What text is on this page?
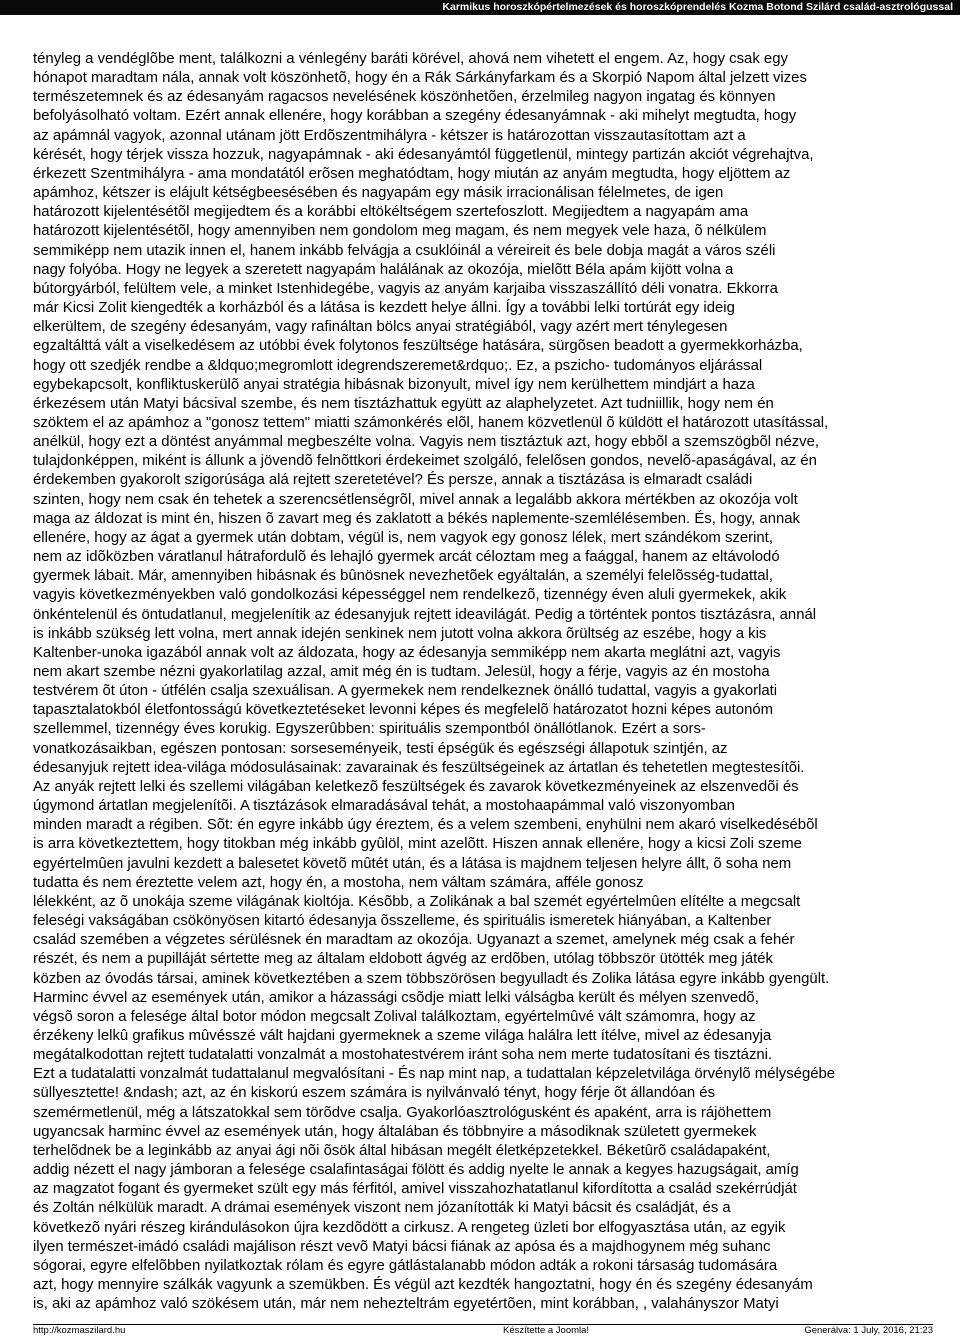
Karmikus horoszkópértelmezések és horoszkóprendelés Kozma Botond Szilárd család-asztrológussal
tényleg a vendéglõbe ment, találkozni a vénlegény baráti körével, ahová nem vihetett el engem. Az, hogy csak egy
hónapot maradtam nála, annak volt köszönhetõ, hogy én a Rák Sárkányfarkam és a Skorpió Napom által jelzett vizes
természetemnek és az édesanyám ragacsos nevelésének köszönhetõen, érzelmileg nagyon ingatag és könnyen
befolyásolható voltam. Ezért annak ellenére, hogy korábban a szegény édesanyámnak - aki mihelyt megtudta, hogy
az apámnál vagyok, azonnal utánam jött Erdõszentmihályra - kétszer is határozottan visszautasítottam azt a
kérését, hogy térjek vissza hozzuk, nagyapámnak - aki édesanyámtól függetlenül, mintegy partizán akciót végrehajtva,
érkezett Szentmihályra - ama mondatától erõsen meghatódtam, hogy miután az anyám megtudta, hogy eljöttem az
apámhoz, kétszer is elájult kétségbeesésében és nagyapám egy másik irracionálisan félelmetes, de igen
határozott kijelentésétõl megijedtem és a korábbi eltökéltségem szertefoszlott. Megijedtem a nagyapám ama
határozott kijelentésétõl, hogy amennyiben nem gondolom meg magam, és nem megyek vele haza, õ nélkülem
semmiképp nem utazik innen el, hanem inkább felvágja a csuklóinál a véreireit és bele dobja magát a város széli
nagy folyóba. Hogy ne legyek a szeretett nagyapám halálának az okozója, mielõtt Béla apám kijött volna a
bútorgyárból, felültem vele, a minket Istenhidegébe, vagyis az anyám karjaiba visszaszállító déli vonatra. Ekkorra
már Kicsi Zolit kiengedték a korházból és a látása is kezdett helye állni. Így a további lelki tortúrát egy ideig
elkerültem, de szegény édesanyám, vagy rafináltan bölcs anyai stratégiából, vagy azért mert ténylegesen
egzaltálttá vált a viselkedésem az utóbbi évek folytonos feszültsége hatására, sürgõsen beadott a gyermekkorházba,
hogy ott szedjék rendbe a &ldquo;megromlott idegrendszeremet&rdquo;. Ez, a pszicho- tudományos eljárással
egybekapcsolt, konfliktuskerülõ anyai stratégia hibásnak bizonyult, mivel így nem kerülhettem mindjárt a haza
érkezésem után Matyi bácsival szembe, és nem tisztázhattuk együtt az alaphelyzetet. Azt tudniillik, hogy nem én
szöktem el az apámhoz a "gonosz tettem" miatti számonkérés elõl, hanem közvetlenül õ küldött el határozott utasítással,
anélkül, hogy ezt a döntést anyámmal megbeszélte volna. Vagyis nem tisztáztuk azt, hogy ebbõl a szemszögbõl nézve,
tulajdonképpen, miként is állunk a jövendõ felnõttkori érdekeimet szolgáló, felelõsen gondos, nevelõ-apaságával, az én
érdekemben gyakorolt szigorúsága alá rejtett szeretetével? És persze, annak a tisztázása is elmaradt családi
szinten, hogy nem csak én tehetek a szerencsétlenségrõl, mivel annak a legalább akkora mértékben az okozója volt
maga az áldozat is mint én, hiszen õ zavart meg és zaklatott a békés naplemente-szemlélésemben. És, hogy, annak
ellenére, hogy az ágat a gyermek után dobtam, végül is, nem vagyok egy gonosz lélek, mert szándékom szerint,
nem az idõközben váratlanul hátrafordulõ és lehajló gyermek arcát céloztam meg a faággal, hanem az eltávolodó
gyermek lábait. Már, amennyiben hibásnak és bûnösnek nevezhetõek egyáltalán, a személyi felelõsség-tudattal,
vagyis következményekben való gondolkozási képességgel nem rendelkezõ, tizennégy éven aluli gyermekek, akik
önkéntelenül és öntudatlanul, megjelenítik az édesanyjuk rejtett ideavilágát. Pedig a történtek pontos tisztázásra, annál
is inkább szükség lett volna, mert annak idején senkinek nem jutott volna akkora õrültség az eszébe, hogy a kis
Kaltenber-unoka igazából annak volt az áldozata, hogy az édesanyja semmiképp nem akarta meglátni azt, vagyis
nem akart szembe nézni gyakorlatilag azzal, amit még én is tudtam. Jelesül, hogy a férje, vagyis az én mostoha
testvérem õt úton - útfélén csalja szexuálisan. A gyermekek nem rendelkeznek önálló tudattal, vagyis a gyakorlati
tapasztalatokból életfontosságú következtetéseket levonni képes és megfelelõ határozatot hozni képes autonóm
szellemmel, tizennégy éves korukig. Egyszerûbben: spirituális szempontból önállótlanok. Ezért a sors-
vonatkozásaikban, egészen pontosan: sorseseményeik, testi épségük és egészségi állapotuk szintjén, az
édesanyjuk rejtett idea-világa módosulásainak: zavarainak és feszültségeinek az ártatlan és tehetetlen megtestesítõi.
Az anyák rejtett lelki és szellemi világában keletkezõ feszültségek és zavarok következményeinek az elszenvedõi és
úgymond ártatlan megjelenítõi. A tisztázások elmaradásával tehát, a mostohaapámmal való viszonyomban
minden maradt a régiben. Sõt: én egyre inkább úgy éreztem, és a velem szembeni, enyhülni nem akaró viselkedésébõl
is arra következtettem, hogy titokban még inkább gyûlöl, mint azelõtt. Hiszen annak ellenére, hogy a kicsi Zoli szeme
egyértelmûen javulni kezdett a balesetet követõ mûtét után, és a látása is majdnem teljesen helyre állt, õ soha nem
tudatta és nem éreztette velem azt, hogy én, a mostoha, nem váltam számára, afféle gonosz
lélekként, az õ unokája szeme világának kioltója. Késõbb, a Zolikának a bal szemét egyértelmûen elítélte a megcsalt
feleségi vakságában csökönyösen kitartó édesanyja õsszelleme, és spirituális ismeretek hiányában, a Kaltenber
család szemében a végzetes sérülésnek én maradtam az okozója. Ugyanazt a szemet, amelynek még csak a fehér
részét, és nem a pupilláját sértette meg az általam eldobott ágvég az erdõben, utólag többször ütötték meg játék
közben az óvodás társai, aminek következtében a szem többszörösen begyulladt és Zolika látása egyre inkább gyengült.
Harminc évvel az események után, amikor a házassági csõdje miatt lelki válságba került és mélyen szenvedõ,
végsõ soron a felesége által botor módon megcsalt Zolival találkoztam, egyértelmûvé vált számomra, hogy az
érzékeny lelkû grafikus mûvésszé vált hajdani gyermeknek a szeme világa halálra lett ítélve, mivel az édesanyja
megátalkodottan rejtett tudatalatti vonzalmát a mostohatestvérem iránt soha nem merte tudatosítani és tisztázni.
Ezt a tudatalatti vonzalmát tudattalanul megvalósítani - És nap mint nap, a tudattalan képzeletvilága örvénylõ mélységébe
süllyesztette! &ndash; azt, az én kiskorú eszem számára is nyilvánvaló tényt, hogy férje õt állandóan és
szemérmetlenül, még a látszatokkal sem törõdve csalja. Gyakorlóasztrológusként és apaként, arra is rájöhettem
ugyancsak harminc évvel az események után, hogy általában és többnyire a másodiknak született gyermekek
terhelõdnek be a leginkább az anyai ági nõi õsök által hibásan megélt életképzetekkel. Béketûrõ családapaként,
addig nézett el nagy jámboran a felesége csalafintaságai fölött és addig nyelte le annak a kegyes hazugságait, amíg
az magzatot fogant és gyermeket szült egy más férfitól, amivel visszahozhatatlanul kifordította a család szekérrúdját
és Zoltán nélkülük maradt. A drámai események viszont nem józanították ki Matyi bácsit és családját, és a
következõ nyári részeg kirándulásokon újra kezdõdött a cirkusz. A rengeteg üzleti bor elfogyasztása után, az egyik
ilyen természet-imádó családi majálison részt vevõ Matyi bácsi fiának az apósa és a majdhogynem még suhanc
sógorai, egyre elfelõbben nyilatkoztak rólam és egyre gátlástalanabb módon adták a rokoni társaság tudomására
azt, hogy mennyire szálkák vagyunk a szemükben. És végül azt kezdték hangoztatni, hogy én és szegény édesanyám
is, aki az apámhoz való szökésem után, már nem nehezteltrám egyetértõen, mint korábban, , valahányszor Matyi
http://kozmaszilard.hu	Készítette a Joomla!	Generálva: 1 July, 2016, 21:23
